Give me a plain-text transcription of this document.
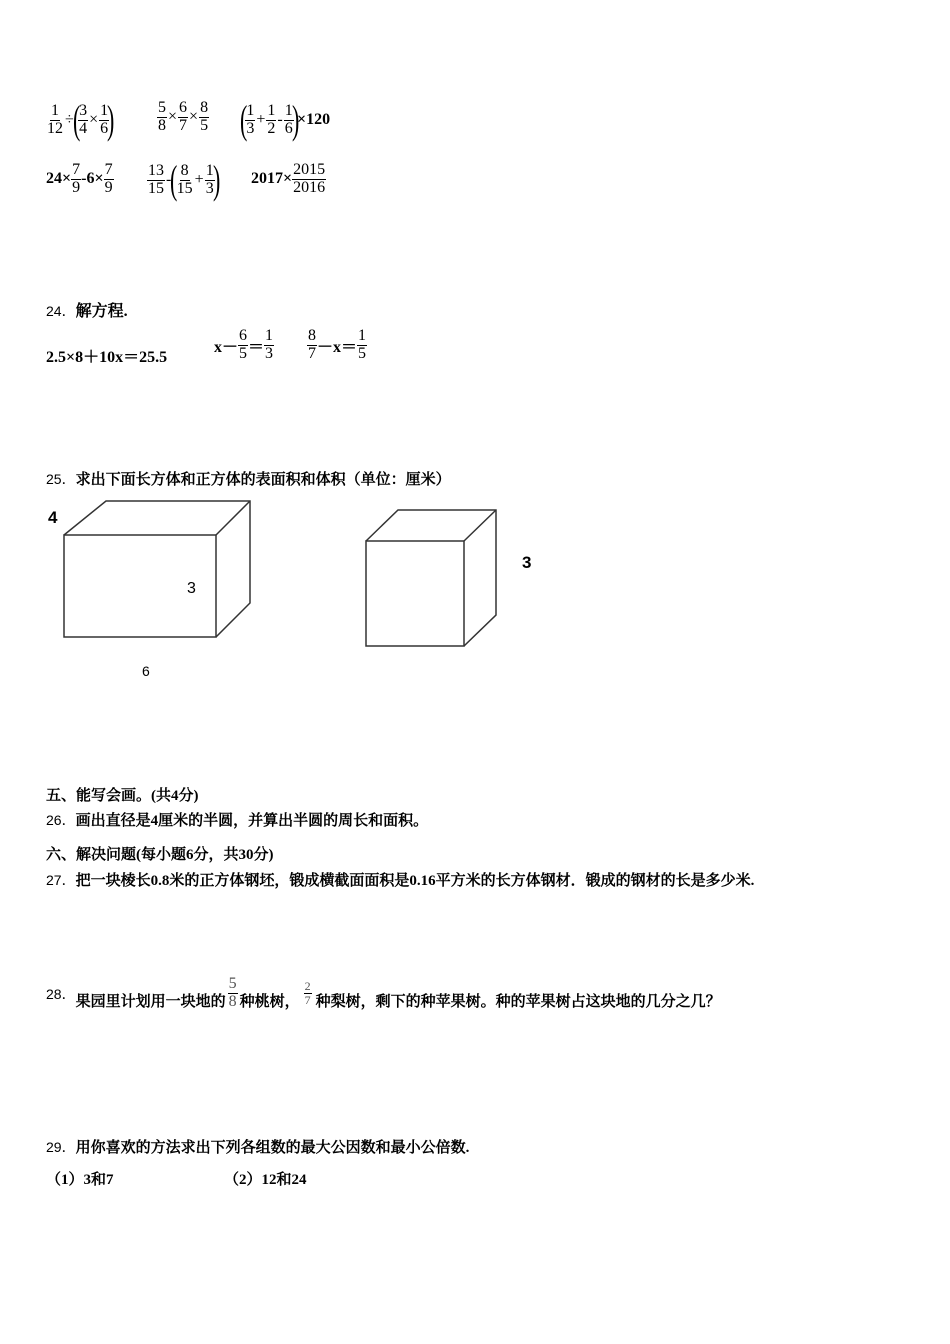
$\frac{1}{12}$ ÷
(
$\frac{3}{4} \times \frac{1}{6}$
)	$\frac{5}{8} \times \frac{6}{7} \times \frac{8}{5}$ (
$\frac{1}{3} + \frac{1}{2} - \frac{1}{6}$
)
×120
$24\times \frac{7}{9} -6\times \frac{7}{9} \frac{13}{15}$ -
(
$\frac{8}{15} + \frac{1}{3}$
) $2017\times \frac{2015}{2016}$
24．解方程.
2.5×8＋10x＝25.5
$x- \frac{6}{5} = \frac{1}{3} \frac{8}{7} -x= \frac{1}{5}$
25．求出下面长方体和正方体的表面积和体积（单位：厘米）
4
3
6
3
五、能写会画。(共4分)
26．画出直径是4厘米的半圆，并算出半圆的周长和面积。
六、解决问题(每小题6分，共30分)
27．把一块棱长0.8米的正方体钢坯，锻成横截面面积是0.16平方米的长方体钢材．锻成的钢材的长是多少米.
28．
果园里计划用一块地的 $\frac{5}{8}$ 种桃树， $\frac{2}{7}$ 种梨树，剩下的种苹果树。种的苹果树占这块地的几分之几？
29．用你喜欢的方法求出下列各组数的最大公因数和最小公倍数.
（1）3和7	（2）12和24
